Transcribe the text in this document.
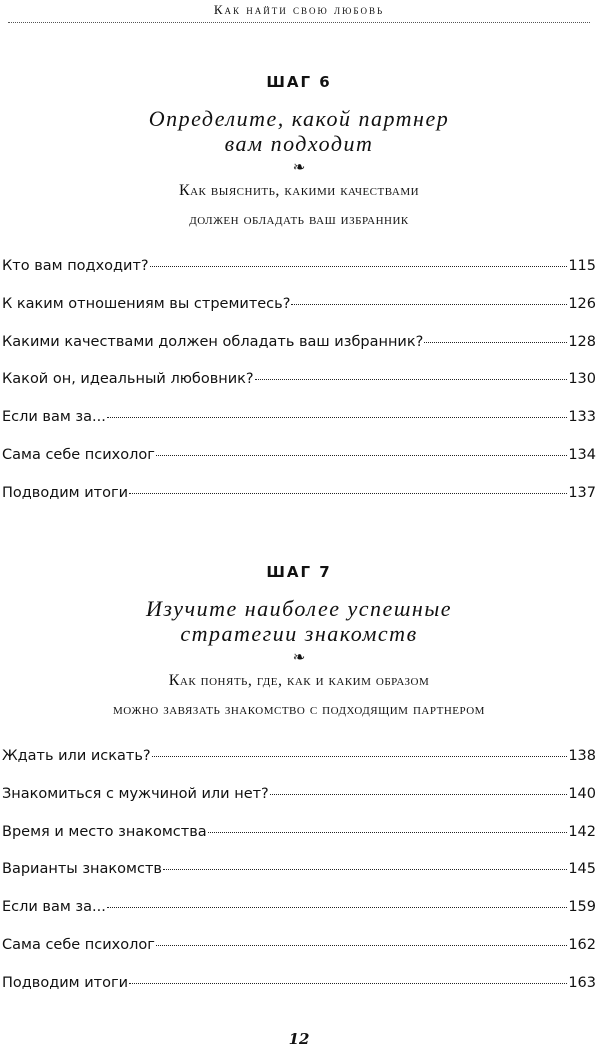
Как найти свою любовь
ШАГ 6
Определите, какой партнер
вам подходит
❧
Как выяснить, какими качествами
должен обладать ваш избранник
Кто вам подходит?	115
К каким отношениям вы стремитесь?	126
Какими качествами должен обладать ваш избранник?	128
Какой он, идеальный любовник?	130
Если вам за...	133
Сама себе психолог	134
Подводим итоги	137
ШАГ 7
Изучите наиболее успешные
стратегии знакомств
❧
Как понять, где, как и каким образом
можно завязать знакомство с подходящим партнером
Ждать или искать?	138
Знакомиться с мужчиной или нет?	140
Время и место знакомства	142
Варианты знакомств	145
Если вам за...	159
Сама себе психолог	162
Подводим итоги	163
12
